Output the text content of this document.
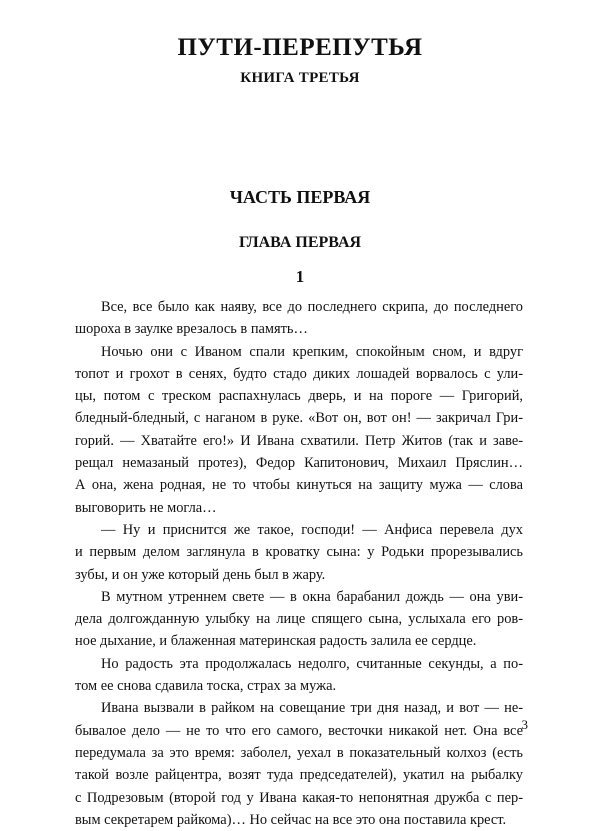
ПУТИ-ПЕРЕПУТЬЯ
КНИГА ТРЕТЬЯ
ЧАСТЬ ПЕРВАЯ
ГЛАВА ПЕРВАЯ
1

Все, все было как наяву, все до последнего скрипа, до последнего
шороха в заулке врезалось в память…

Ночью они с Иваном спали крепким, спокойным сном, и вдруг
топот и грохот в сенях, будто стадо диких лошадей ворвалось с ули-
цы, потом с треском распахнулась дверь, и на пороге — Григорий,
бледный-бледный, с наганом в руке. «Вот он, вот он! — закричал Гри-
горий. — Хватайте его!» И Ивана схватили. Петр Житов (так и заве-
рещал немазаный протез), Федор Капитонович, Михаил Пряслин…
А она, жена родная, не то чтобы кинуться на защиту мужа — слова
выговорить не могла…

— Ну и приснится же такое, господи! — Анфиса перевела дух
и первым делом заглянула в кроватку сына: у Родьки прорезывались
зубы, и он уже который день был в жару.

В мутном утреннем свете — в окна барабанил дождь — она уви-
дела долгожданную улыбку на лице спящего сына, услыхала его ров-
ное дыхание, и блаженная материнская радость залила ее сердце.

Но радость эта продолжалась недолго, считанные секунды, а по-
том ее снова сдавила тоска, страх за мужа.

Ивана вызвали в райком на совещание три дня назад, и вот — не-
бывалое дело — не то что его самого, весточки никакой нет. Она все
передумала за это время: заболел, уехал в показательный колхоз (есть
такой возле райцентра, возят туда председателей), укатил на рыбалку
с Подрезовым (второй год у Ивана какая-то непонятная дружба с пер-
вым секретарем райкома)… Но сейчас на все это она поставила крест.

3
